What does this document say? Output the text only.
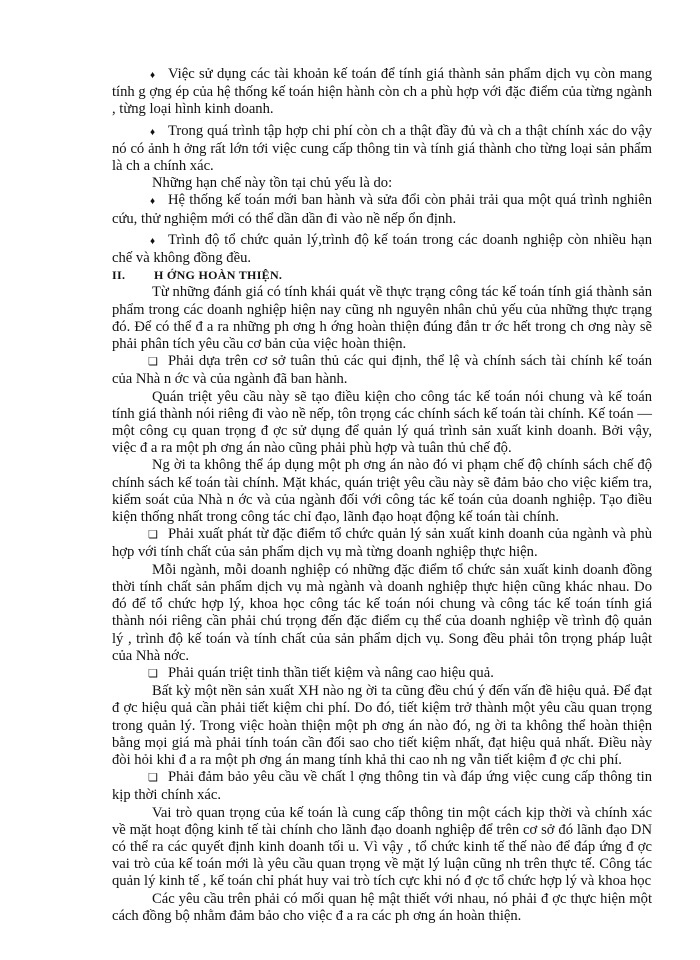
♦ Việc sử dụng các tài khoản kế toán để tính giá thành sản phẩm dịch vụ còn mang tính g ợng ép của hệ thống kế toán hiện hành còn ch a phù hợp với đặc điểm của từng ngành , từng loại hình kinh doanh.

♦ Trong quá trình tập hợp chi phí còn ch a thật đầy đủ và ch a thật chính xác do vậy nó có ảnh h ởng rất lớn tới việc cung cấp thông tin và tính giá thành cho từng loại sản phẩm là ch a chính xác.

Những hạn chế này tồn tại chủ yếu là do:

♦ Hệ thống kế toán mới ban hành và sửa đổi còn phải trải qua một quá trình nghiên cứu, thử nghiệm mới có thể dần dần đi vào nề nếp ổn định.

♦ Trình độ tổ chức quản lý,trình độ kế toán trong các doanh nghiệp còn nhiều hạn chế và không đồng đều.

II. H ỚNG HOÀN THIỆN.

Từ những đánh giá có tính khái quát về thực trạng công tác kế toán tính giá thành sản phẩm trong các doanh nghiệp hiện nay cũng nh nguyên nhân chủ yếu của những thực trạng đó. Để có thể đ a ra những ph ơng h ớng hoàn thiện đúng đắn tr ớc hết trong ch ơng này sẽ phải phân tích yêu cầu cơ bản của việc hoàn thiện.

❏ Phải dựa trên cơ sở tuân thủ các qui định, thể lệ và chính sách tài chính kế toán của Nhà n ớc và của ngành đã ban hành.

Quán triệt yêu cầu này sẽ tạo điều kiện cho công tác kế toán nói chung và kế toán tính giá thành nói riêng đi vào nề nếp, tôn trọng các chính sách kế toán tài chính. Kế toán — một công cụ quan trọng đ ợc sử dụng để quản lý quá trình sản xuất kinh doanh. Bởi vậy, việc đ a ra một ph ơng án nào cũng phải phù hợp và tuân thủ chế độ.

Ng ời ta không thể áp dụng một ph ơng án nào đó vi phạm chế độ chính sách chế độ chính sách kế toán tài chính. Mặt khác, quán triệt yêu cầu này sẽ đảm bảo cho việc kiểm tra, kiểm soát của Nhà n ớc và của ngành đối với công tác kế toán của doanh nghiệp. Tạo điều kiện thống nhất trong công tác chỉ đạo, lãnh đạo hoạt động kế toán tài chính.

❏ Phải xuất phát từ đặc điểm tổ chức quản lý sản xuất kinh doanh của ngành và phù hợp với tính chất của sản phẩm dịch vụ mà từng doanh nghiệp thực hiện.

Mỗi ngành, mỗi doanh nghiệp có những đặc điểm tổ chức sản xuất kinh doanh đồng thời tính chất sản phẩm dịch vụ mà ngành và doanh nghiệp thực hiện cũng khác nhau. Do đó để tổ chức hợp lý, khoa học công tác kế toán nói chung và công tác kế toán tính giá thành nói riêng cần phải chú trọng đến đặc điểm cụ thể của doanh nghiệp về trình độ quản lý , trình độ kế toán và tính chất của sản phẩm dịch vụ. Song đều phải tôn trọng pháp luật của Nhà nớc.

❏ Phải quán triệt tinh thần tiết kiệm và nâng cao hiệu quả.

Bất kỳ một nền sản xuất XH nào ng ời ta cũng đều chú ý đến vấn đề hiệu quả. Để đạt đ ợc hiệu quả cần phải tiết kiệm chi phí. Do đó, tiết kiệm trở thành một yêu cầu quan trọng trong quản lý. Trong việc hoàn thiện một ph ơng án nào đó, ng ời ta không thể hoàn thiện bằng mọi giá mà phải tính toán cần đối sao cho tiết kiệm nhất, đạt hiệu quả nhất. Điều này đòi hỏi khi đ a ra một ph ơng án mang tính khả thi cao nh ng vẫn tiết kiệm đ ợc chi phí.

❏ Phải đảm bảo yêu cầu về chất l ợng thông tin và đáp ứng việc cung cấp thông tin kịp thời chính xác.

Vai trò quan trọng của kế toán là cung cấp thông tin một cách kịp thời và chính xác về mặt hoạt động kinh tế tài chính cho lãnh đạo doanh nghiệp để trên cơ sở đó lãnh đạo DN có thể ra các quyết định kinh doanh tối u. Vì vậy , tổ chức kinh tế thế nào để đáp ứng đ ợc vai trò của kế toán mới là yêu cầu quan trọng về mặt lý luận cũng nh trên thực tế. Công tác quản lý kinh tế , kế toán chỉ phát huy vai trò tích cực khi nó đ ợc tổ chức hợp lý và khoa học

Các yêu cầu trên phải có mối quan hệ mật thiết với nhau, nó phải đ ợc thực hiện một cách đồng bộ nhằm đảm bảo cho việc đ a ra các ph ơng án hoàn thiện.
